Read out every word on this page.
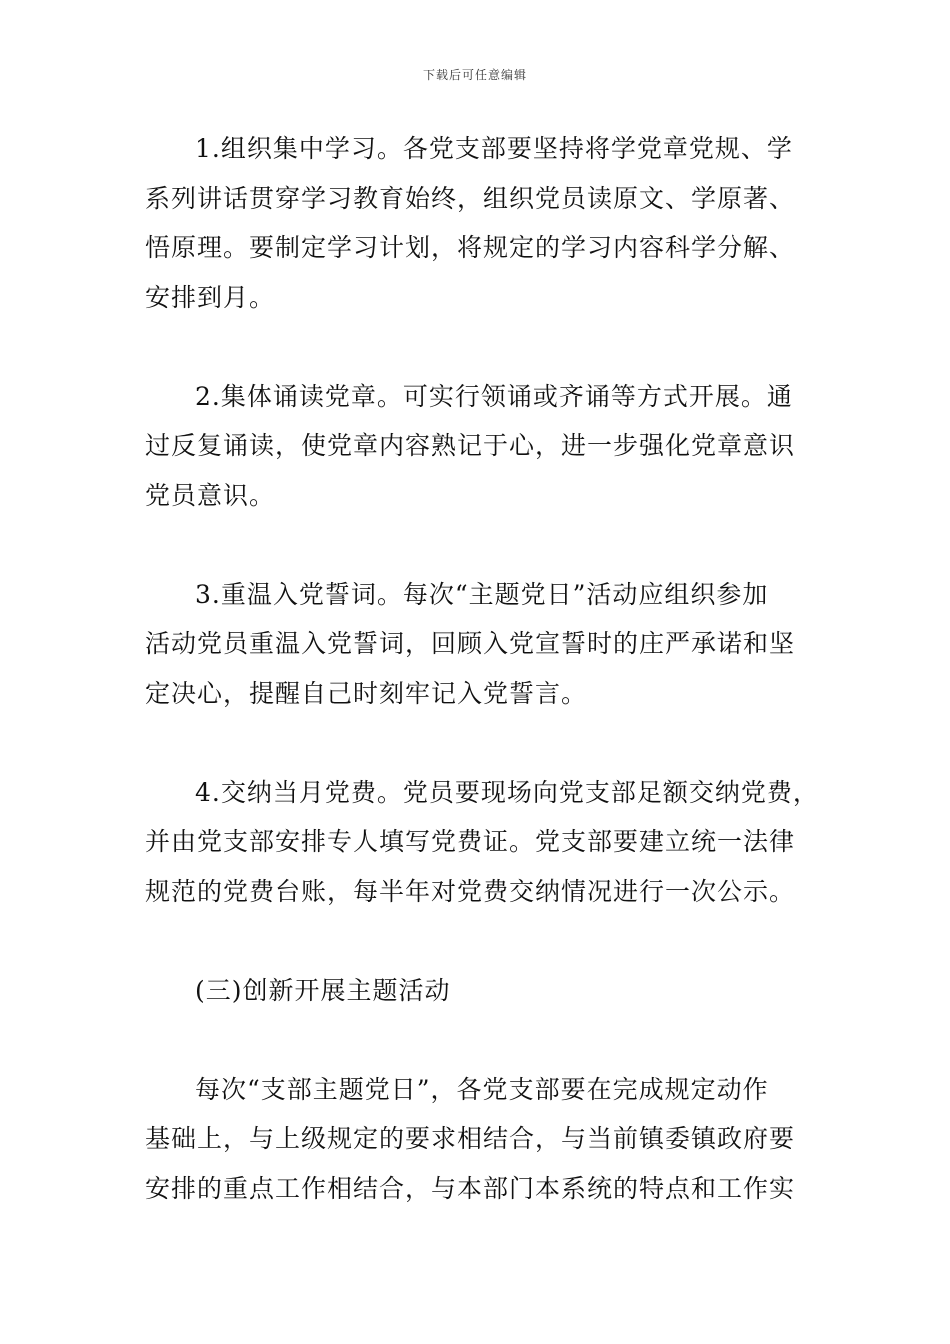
下载后可任意编辑

1.组织集中学习。各党支部要坚持将学党章党规、学
系列讲话贯穿学习教育始终，组织党员读原文、学原著、
悟原理。要制定学习计划，将规定的学习内容科学分解、
安排到月。

2.集体诵读党章。可实行领诵或齐诵等方式开展。通
过反复诵读，使党章内容熟记于心，进一步强化党章意识
党员意识。

3.重温入党誓词。每次“主题党日”活动应组织参加
活动党员重温入党誓词，回顾入党宣誓时的庄严承诺和坚
定决心，提醒自己时刻牢记入党誓言。

4.交纳当月党费。党员要现场向党支部足额交纳党费，
并由党支部安排专人填写党费证。党支部要建立统一法律
规范的党费台账，每半年对党费交纳情况进行一次公示。

(三)创新开展主题活动

每次“支部主题党日”，各党支部要在完成规定动作
基础上，与上级规定的要求相结合，与当前镇委镇政府要
安排的重点工作相结合，与本部门本系统的特点和工作实
